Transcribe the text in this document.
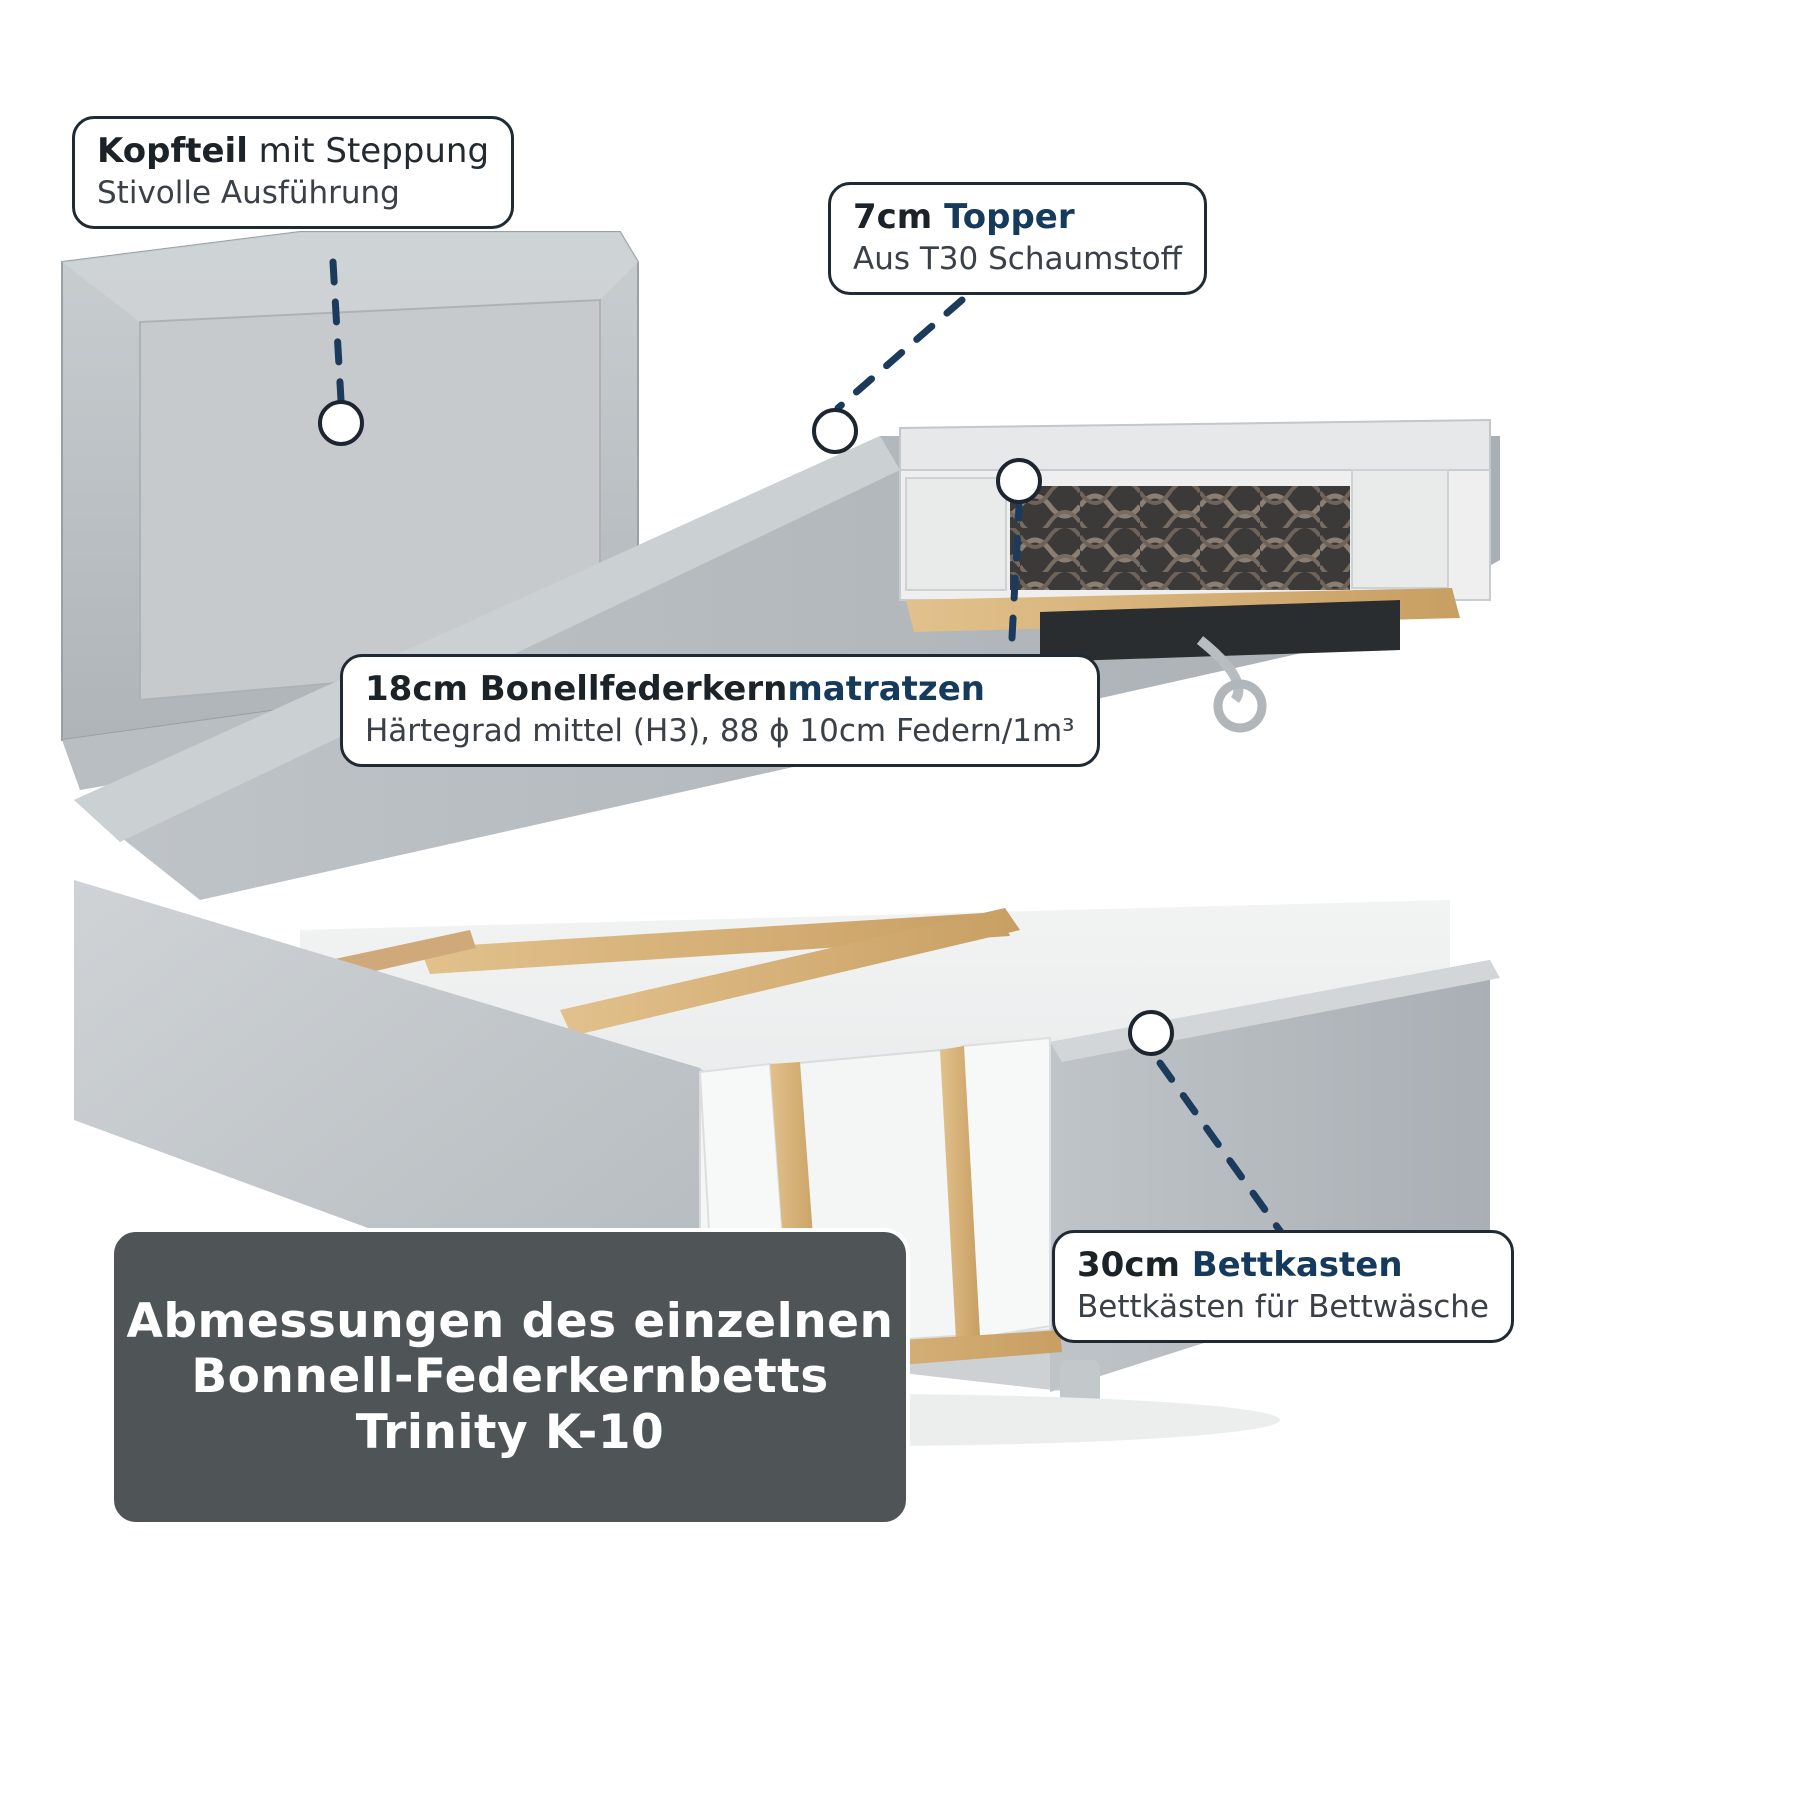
Kopfteil mit Steppung
Stivolle Ausführung
7cm Topper
Aus T30 Schaumstoff
18cm Bonellfederkernmatratzen
Härtegrad mittel (H3), 88 ɸ 10cm Federn/1m³
30cm Bettkasten
Bettkästen für Bettwäsche
Abmessungen des einzelnen
Bonnell-Federkernbetts
Trinity K-10
